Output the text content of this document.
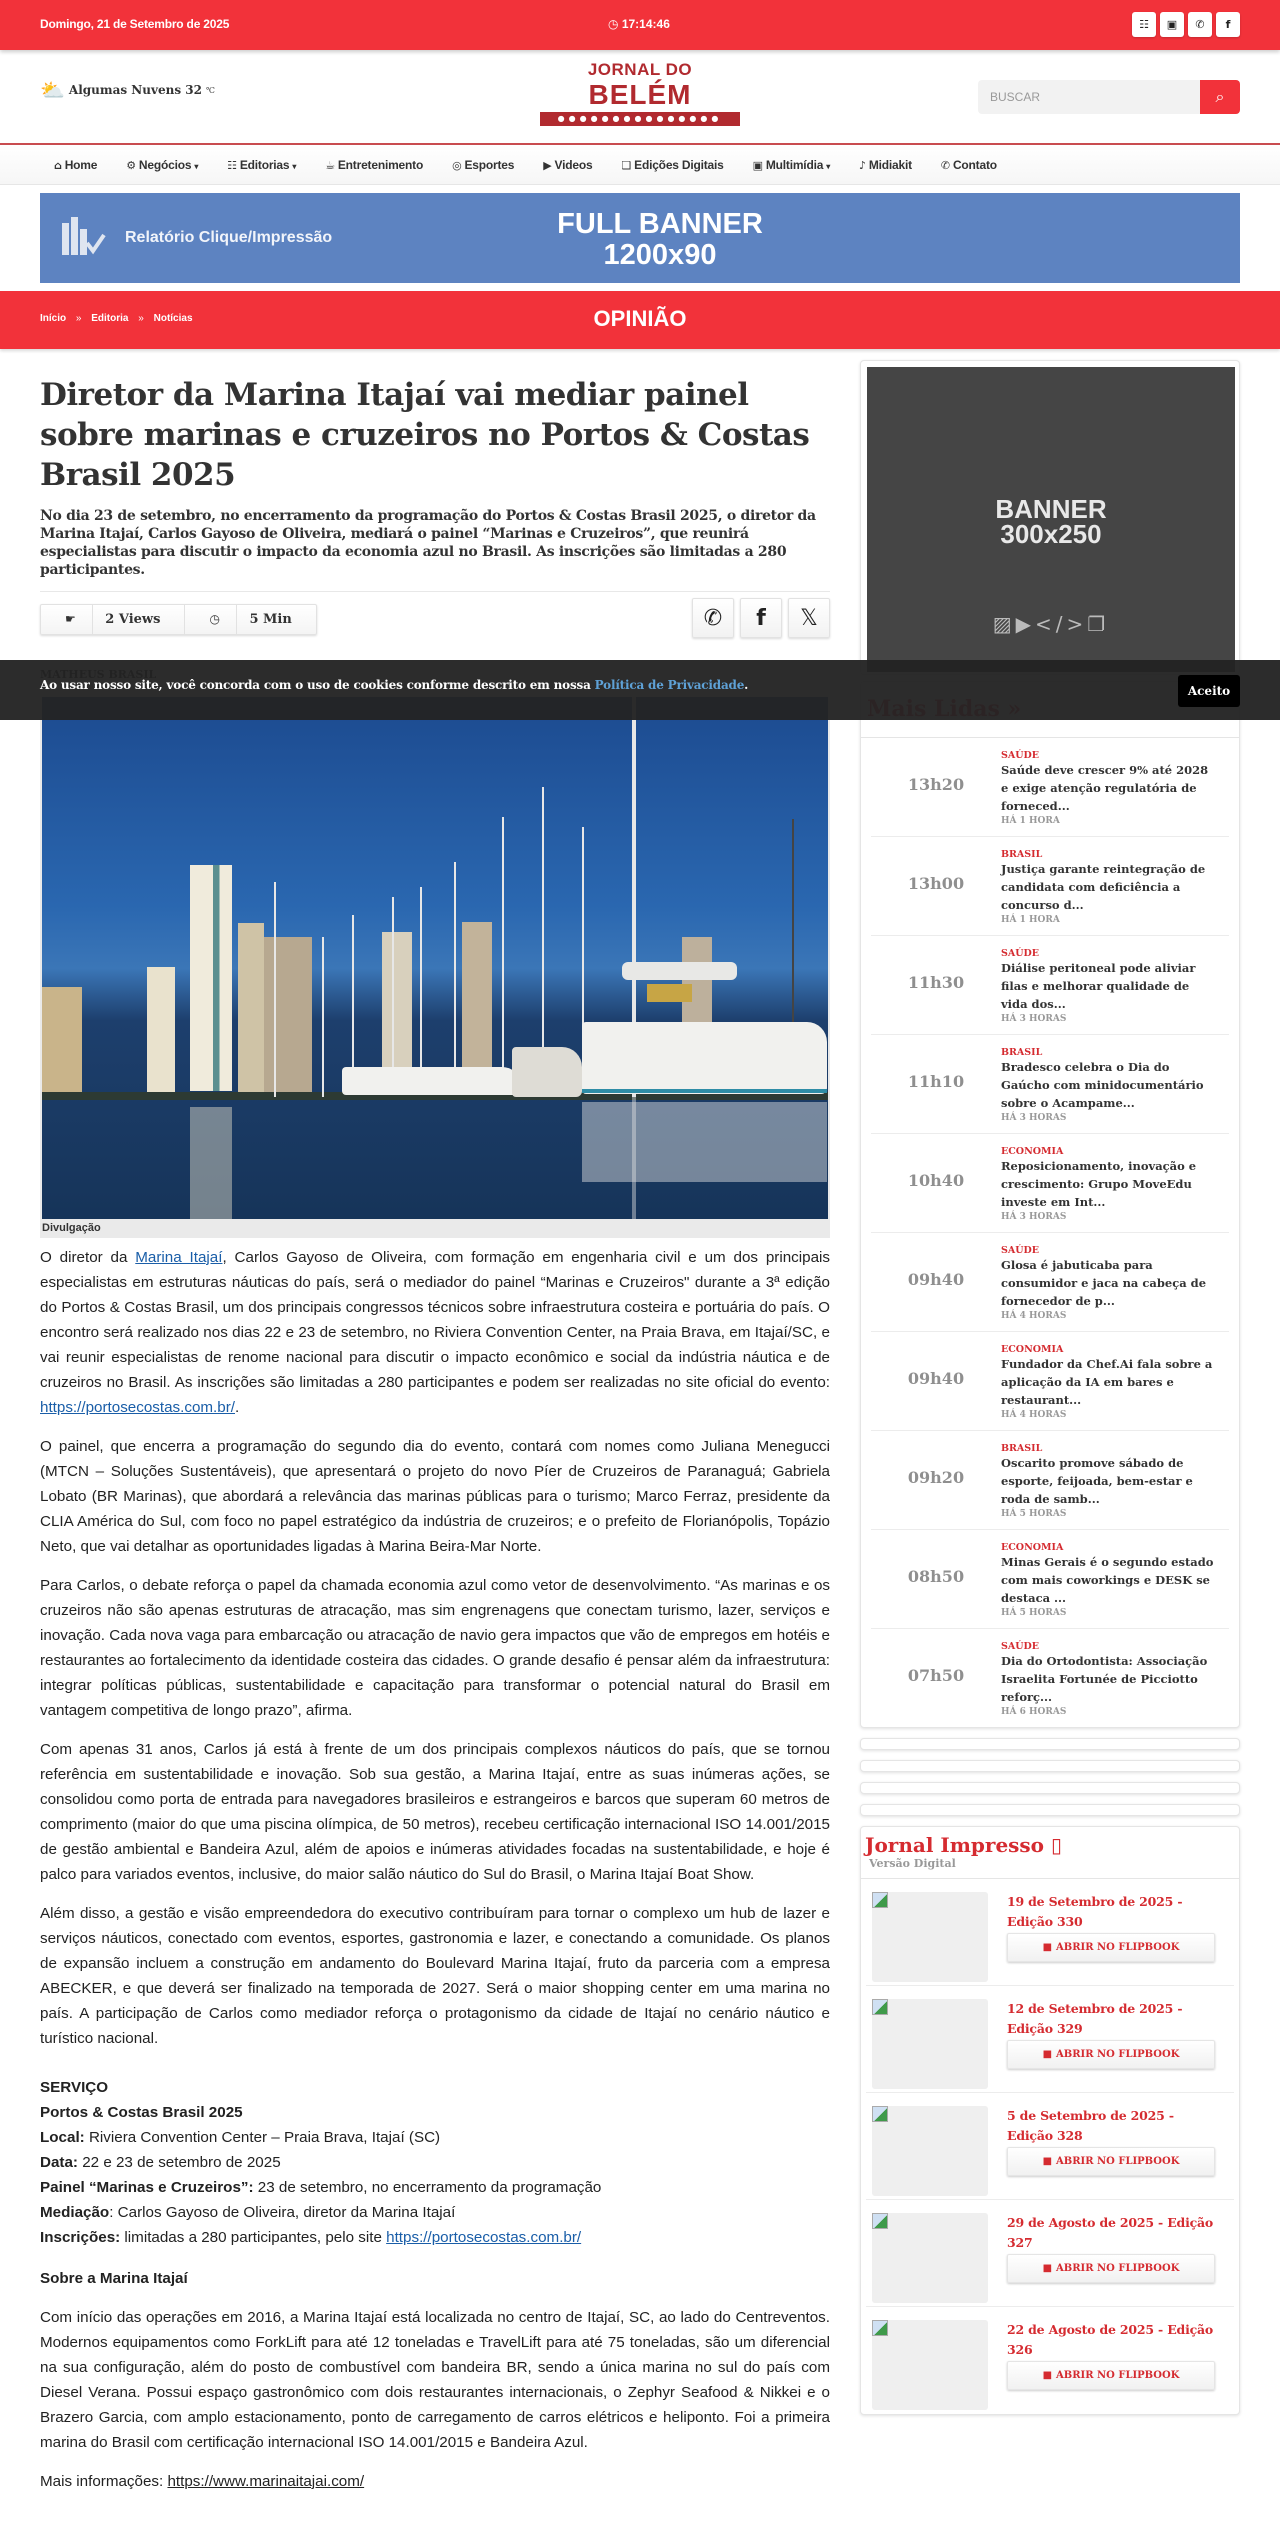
Domingo, 21 de Setembro de 2025	◷ 17:14:46	☷	▣	✆	f
⛅ Algumas Nuvens 32 ℃
JORNAL DO
BELÉM
●●●●●●●●●●●●●●●
BUSCAR
⌕
⌂ Home	⚙ Negócios ▾	☷ Editorias ▾	☕ Entretenimento	◎ Esportes	▶ Videos	❑ Edições Digitais	▣ Multimídia ▾	♪ Midiakit	✆ Contato
Relatório Clique/Impressão	FULL BANNER
1200x90
Início » Editoria » Notícias	OPINIÃO
Diretor da Marina Itajaí vai mediar painel sobre marinas e cruzeiros no Portos & Costas Brasil 2025

No dia 23 de setembro, no encerramento da programação do Portos & Costas Brasil 2025, o diretor da Marina Itajaí, Carlos Gayoso de Oliveira, mediará o painel “Marinas e Cruzeiros”, que reunirá especialistas para discutir o impacto da economia azul no Brasil. As inscrições são limitadas a 280 participantes.

☛ 2 Views	◷ 5 Min	✆	f	𝕏
Divulgação

O diretor da Marina Itajaí, Carlos Gayoso de Oliveira, com formação em engenharia civil e um dos principais especialistas em estruturas náuticas do país, será o mediador do painel “Marinas e Cruzeiros" durante a 3ª edição do Portos & Costas Brasil, um dos principais congressos técnicos sobre infraestrutura costeira e portuária do país. O encontro será realizado nos dias 22 e 23 de setembro, no Riviera Convention Center, na Praia Brava, em Itajaí/SC, e vai reunir especialistas de renome nacional para discutir o impacto econômico e social da indústria náutica e de cruzeiros no Brasil. As inscrições são limitadas a 280 participantes e podem ser realizadas no site oficial do evento: https://portosecostas.com.br/.

O painel, que encerra a programação do segundo dia do evento, contará com nomes como Juliana Menegucci (MTCN – Soluções Sustentáveis), que apresentará o projeto do novo Píer de Cruzeiros de Paranaguá; Gabriela Lobato (BR Marinas), que abordará a relevância das marinas públicas para o turismo; Marco Ferraz, presidente da CLIA América do Sul, com foco no papel estratégico da indústria de cruzeiros; e o prefeito de Florianópolis, Topázio Neto, que vai detalhar as oportunidades ligadas à Marina Beira-Mar Norte.

Para Carlos, o debate reforça o papel da chamada economia azul como vetor de desenvolvimento. “As marinas e os cruzeiros não são apenas estruturas de atracação, mas sim engrenagens que conectam turismo, lazer, serviços e inovação. Cada nova vaga para embarcação ou atracação de navio gera impactos que vão de empregos em hotéis e restaurantes ao fortalecimento da identidade costeira das cidades. O grande desafio é pensar além da infraestrutura: integrar políticas públicas, sustentabilidade e capacitação para transformar o potencial natural do Brasil em vantagem competitiva de longo prazo”, afirma.

Com apenas 31 anos, Carlos já está à frente de um dos principais complexos náuticos do país, que se tornou referência em sustentabilidade e inovação. Sob sua gestão, a Marina Itajaí, entre as suas inúmeras ações, se consolidou como porta de entrada para navegadores brasileiros e estrangeiros e barcos que superam 60 metros de comprimento (maior do que uma piscina olímpica, de 50 metros), recebeu certificação internacional ISO 14.001/2015 de gestão ambiental e Bandeira Azul, além de apoios e inúmeras atividades focadas na sustentabilidade, e hoje é palco para variados eventos, inclusive, do maior salão náutico do Sul do Brasil, o Marina Itajaí Boat Show.

Além disso, a gestão e visão empreendedora do executivo contribuíram para tornar o complexo um hub de lazer e serviços náuticos, conectado com eventos, esportes, gastronomia e lazer, e conectando a comunidade. Os planos de expansão incluem a construção em andamento do Boulevard Marina Itajaí, fruto da parceria com a empresa ABECKER, e que deverá ser finalizado na temporada de 2027. Será o maior shopping center em uma marina no país. A participação de Carlos como mediador reforça o protagonismo da cidade de Itajaí no cenário náutico e turístico nacional.

SERVIÇO
Portos & Costas Brasil 2025
Local: Riviera Convention Center – Praia Brava, Itajaí (SC)
Data: 22 e 23 de setembro de 2025
Painel “Marinas e Cruzeiros”: 23 de setembro, no encerramento da programação
Mediação: Carlos Gayoso de Oliveira, diretor da Marina Itajaí
Inscrições: limitadas a 280 participantes, pelo site https://portosecostas.com.br/
Sobre a Marina Itajaí

Com início das operações em 2016, a Marina Itajaí está localizada no centro de Itajaí, SC, ao lado do Centreventos. Modernos equipamentos como ForkLift para até 12 toneladas e TravelLift para até 75 toneladas, são um diferencial na sua configuração, além do posto de combustível com bandeira BR, sendo a única marina no sul do país com Diesel Verana. Possui espaço gastronômico com dois restaurantes internacionais, o Zephyr Seafood & Nikkei e o Brazero Garcia, com amplo estacionamento, ponto de carregamento de carros elétricos e heliponto. Foi a primeira marina do Brasil com certificação internacional ISO 14.001/2015 e Bandeira Azul.

Mais informações: https://www.marinaitajai.com/

Ao usar nosso site, você concorda com o uso de cookies conforme descrito em nossa Política de Privacidade.	Aceito
BANNER
300x250
▨▶</>❐
13h20
SAÚDE
Saúde deve crescer 9% até 2028 e exige atenção regulatória de forneced...
HÁ 1 HORA
13h00
BRASIL
Justiça garante reintegração de candidata com deficiência a concurso d...
HÁ 1 HORA
11h30
SAÚDE
Diálise peritoneal pode aliviar filas e melhorar qualidade de vida dos...
HÁ 3 HORAS
11h10
BRASIL
Bradesco celebra o Dia do Gaúcho com minidocumentário sobre o Acampame...
HÁ 3 HORAS
10h40
ECONOMIA
Reposicionamento, inovação e crescimento: Grupo MoveEdu investe em Int...
HÁ 3 HORAS
09h40
SAÚDE
Glosa é jabuticaba para consumidor e jaca na cabeça de fornecedor de p...
HÁ 4 HORAS
09h40
ECONOMIA
Fundador da Chef.Ai fala sobre a aplicação da IA em bares e restaurant...
HÁ 4 HORAS
09h20
BRASIL
Oscarito promove sábado de esporte, feijoada, bem-estar e roda de samb...
HÁ 5 HORAS
08h50
ECONOMIA
Minas Gerais é o segundo estado com mais coworkings e DESK se destaca ...
HÁ 5 HORAS
07h50
SAÚDE
Dia do Ortodontista: Associação Israelita Fortunée de Picciotto reforç...
HÁ 6 HORAS
Jornal Impresso ▯
Versão Digital
19 de Setembro de 2025 - Edição 330
■ ABRIR NO FLIPBOOK
12 de Setembro de 2025 - Edição 329
■ ABRIR NO FLIPBOOK
5 de Setembro de 2025 - Edição 328
■ ABRIR NO FLIPBOOK
29 de Agosto de 2025 - Edição 327
■ ABRIR NO FLIPBOOK
22 de Agosto de 2025 - Edição 326
■ ABRIR NO FLIPBOOK
